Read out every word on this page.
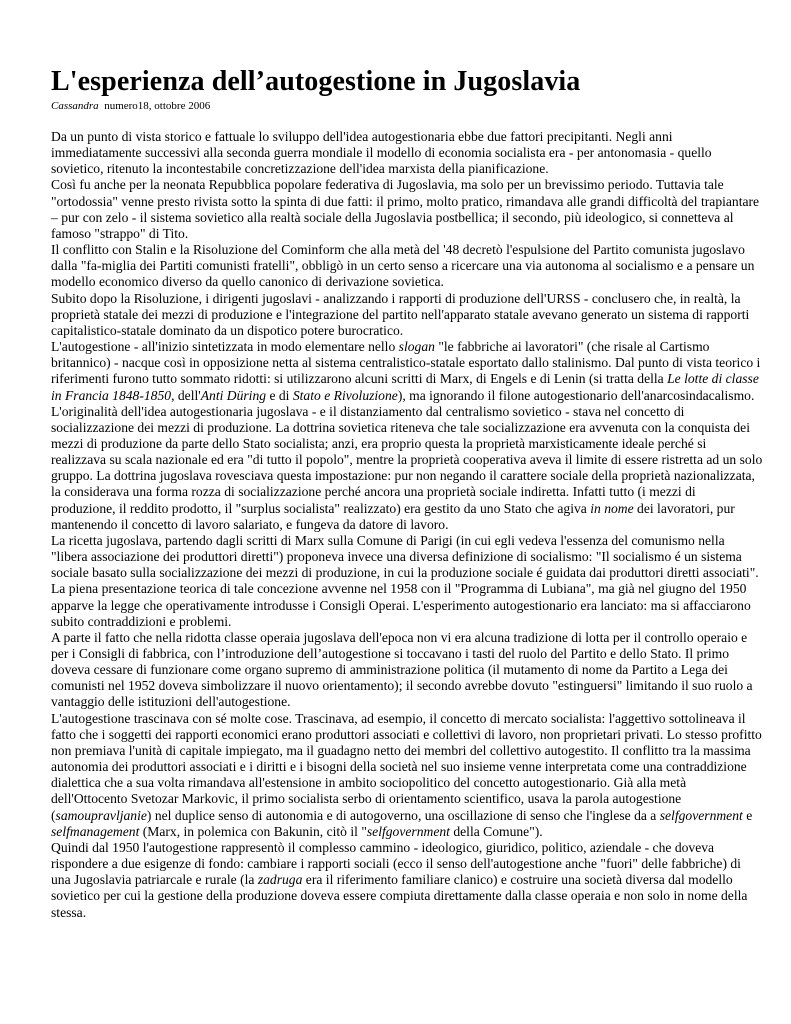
L'esperienza dell’autogestione in Jugoslavia
Cassandra numero18, ottobre 2006

Da un punto di vista storico e fattuale lo sviluppo dell'idea autogestionaria ebbe due fattori precipitanti. Negli anni immediatamente successivi alla seconda guerra mondiale il modello di economia socialista era - per antonomasia - quello sovietico, ritenuto la incontestabile concretizzazione dell'idea marxista della pianificazione.

Così fu anche per la neonata Repubblica popolare federativa di Jugoslavia, ma solo per un brevissimo periodo. Tuttavia tale "ortodossia" venne presto rivista sotto la spinta di due fatti: il primo, molto pratico, rimandava alle grandi difficoltà del trapiantare – pur con zelo - il sistema sovietico alla realtà sociale della Jugoslavia postbellica; il secondo, più ideologico, si connetteva al famoso "strappo" di Tito.

Il conflitto con Stalin e la Risoluzione del Cominform che alla metà del '48 decretò l'espulsione del Partito comunista jugoslavo dalla "fa-miglia dei Partiti comunisti fratelli", obbligò in un certo senso a ricercare una via autonoma al socialismo e a pensare un modello economico diverso da quello canonico di derivazione sovietica.

Subito dopo la Risoluzione, i dirigenti jugoslavi - analizzando i rapporti di produzione dell'URSS - conclusero che, in realtà, la proprietà statale dei mezzi di produzione e l'integrazione del partito nell'apparato statale avevano generato un sistema di rapporti capitalistico-statale dominato da un dispotico potere burocratico.

L'autogestione - all'inizio sintetizzata in modo elementare nello slogan "le fabbriche ai lavoratori" (che risale al Cartismo britannico) - nacque così in opposizione netta al sistema centralistico-statale esportato dallo stalinismo. Dal punto di vista teorico i riferimenti furono tutto sommato ridotti: si utilizzarono alcuni scritti di Marx, di Engels e di Lenin (si tratta della Le lotte di classe in Francia 1848-1850, dell'Anti Düring e di Stato e Rivoluzione), ma ignorando il filone autogestionario dell'anarcosindacalismo.

L'originalità dell'idea autogestionaria jugoslava - e il distanziamento dal centralismo sovietico - stava nel concetto di socializzazione dei mezzi di produzione. La dottrina sovietica riteneva che tale socializzazione era avvenuta con la conquista dei mezzi di produzione da parte dello Stato socialista; anzi, era proprio questa la proprietà marxisticamente ideale perché si realizzava su scala nazionale ed era "di tutto il popolo", mentre la proprietà cooperativa aveva il limite di essere ristretta ad un solo gruppo. La dottrina jugoslava rovesciava questa impostazione: pur non negando il carattere sociale della proprietà nazionalizzata, la considerava una forma rozza di socializzazione perché ancora una proprietà sociale indiretta. Infatti tutto (i mezzi di produzione, il reddito prodotto, il "surplus socialista" realizzato) era gestito da uno Stato che agiva in nome dei lavoratori, pur mantenendo il concetto di lavoro salariato, e fungeva da datore di lavoro.

La ricetta jugoslava, partendo dagli scritti di Marx sulla Comune di Parigi (in cui egli vedeva l'essenza del comunismo nella "libera associazione dei produttori diretti") proponeva invece una diversa definizione di socialismo: "Il socialismo é un sistema sociale basato sulla socializzazione dei mezzi di produzione, in cui la produzione sociale é guidata dai produttori diretti associati".

La piena presentazione teorica di tale concezione avvenne nel 1958 con il "Programma di Lubiana", ma già nel giugno del 1950 apparve la legge che operativamente introdusse i Consigli Operai. L'esperimento autogestionario era lanciato: ma si affacciarono subito contraddizioni e problemi.

A parte il fatto che nella ridotta classe operaia jugoslava dell'epoca non vi era alcuna tradizione di lotta per il controllo operaio e per i Consigli di fabbrica, con l’introduzione dell’autogestione si toccavano i tasti del ruolo del Partito e dello Stato. Il primo doveva cessare di funzionare come organo supremo di amministrazione politica (il mutamento di nome da Partito a Lega dei comunisti nel 1952 doveva simbolizzare il nuovo orientamento); il secondo avrebbe dovuto "estinguersi" limitando il suo ruolo a vantaggio delle istituzioni dell'autogestione.

L'autogestione trascinava con sé molte cose. Trascinava, ad esempio, il concetto di mercato socialista: l'aggettivo sottolineava il fatto che i soggetti dei rapporti economici erano produttori associati e collettivi di lavoro, non proprietari privati. Lo stesso profitto non premiava l'unità di capitale impiegato, ma il guadagno netto dei membri del collettivo autogestito. Il conflitto tra la massima autonomia dei produttori associati e i diritti e i bisogni della società nel suo insieme venne interpretata come una contraddizione dialettica che a sua volta rimandava all'estensione in ambito sociopolitico del concetto autogestionario. Già alla metà dell'Ottocento Svetozar Markovic, il primo socialista serbo di orientamento scientifico, usava la parola autogestione (samoupravljanie) nel duplice senso di autonomia e di autogoverno, una oscillazione di senso che l'inglese da a selfgovernment e selfmanagement (Marx, in polemica con Bakunin, citò il "selfgovernment della Comune").

Quindi dal 1950 l'autogestione rappresentò il complesso cammino - ideologico, giuridico, politico, aziendale - che doveva rispondere a due esigenze di fondo: cambiare i rapporti sociali (ecco il senso dell'autogestione anche "fuori" delle fabbriche) di una Jugoslavia patriarcale e rurale (la zadruga era il riferimento familiare clanico) e costruire una società diversa dal modello sovietico per cui la gestione della produzione doveva essere compiuta direttamente dalla classe operaia e non solo in nome della stessa.
